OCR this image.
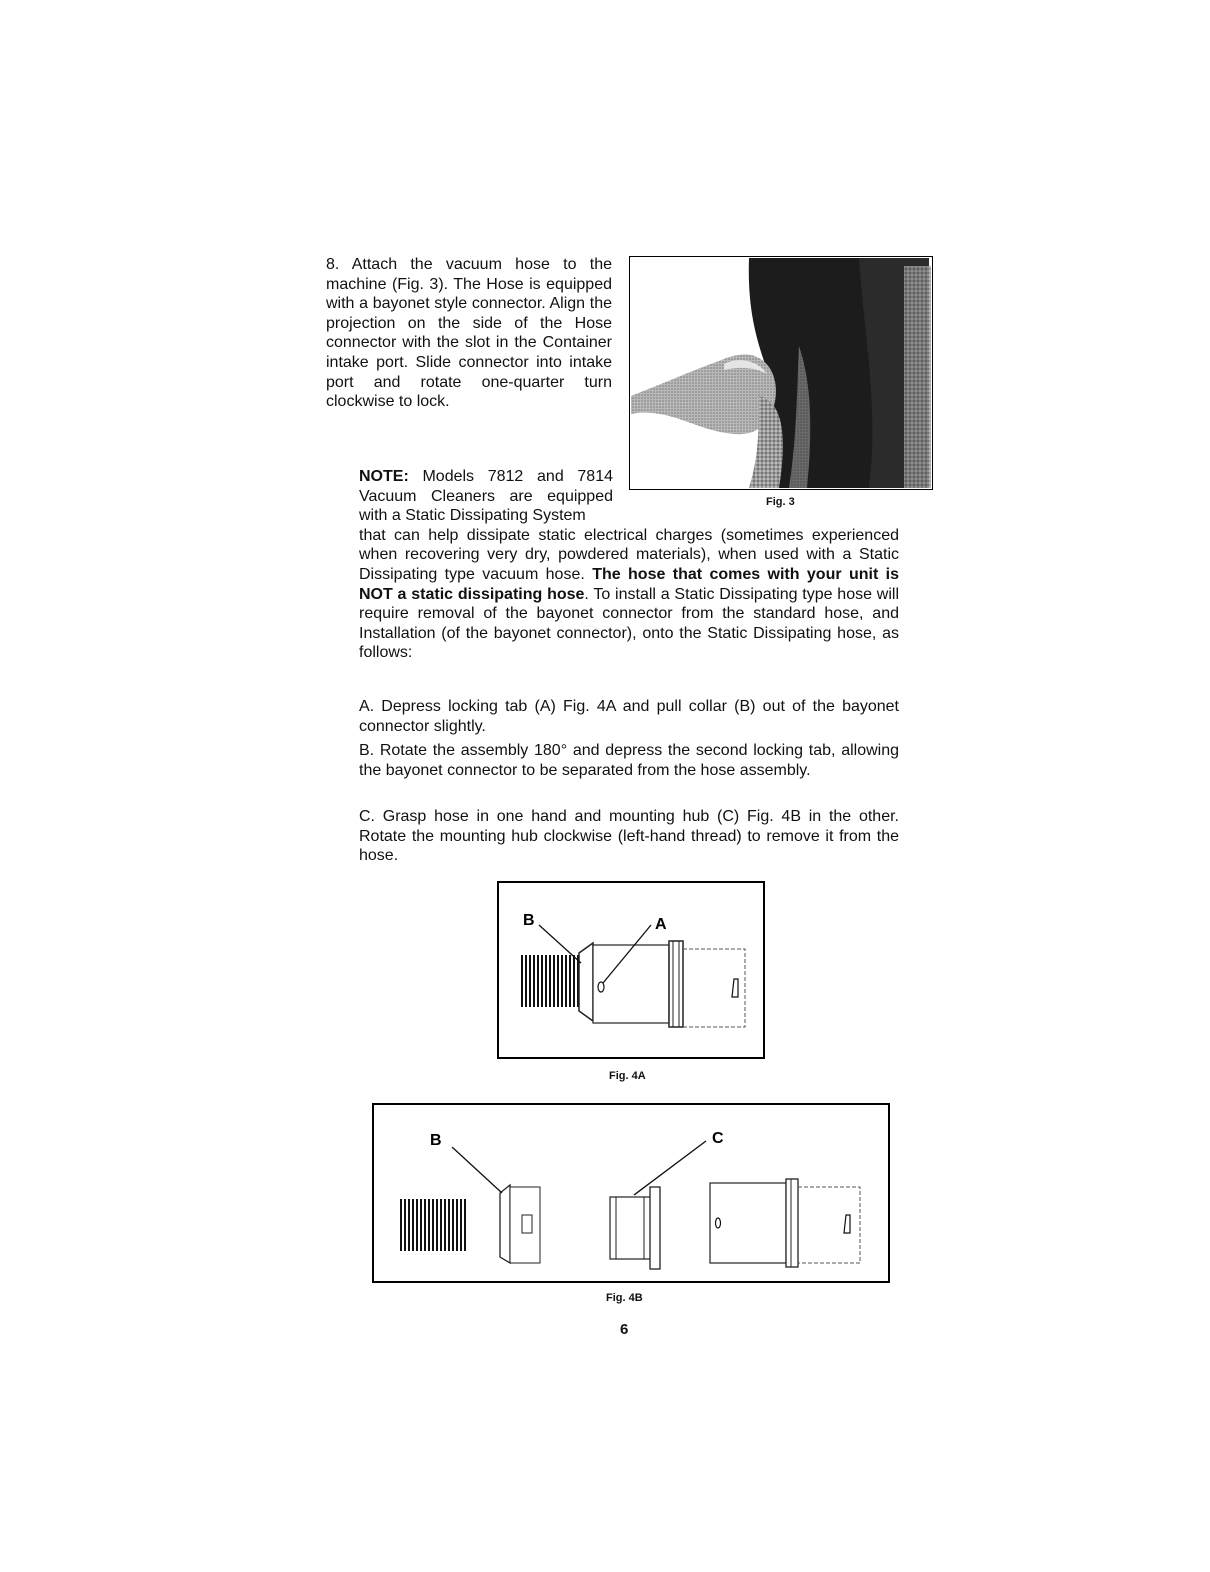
8. Attach the vacuum hose to the machine (Fig. 3). The Hose is equipped with a bayonet style connector. Align the projection on the side of the Hose connector with the slot in the Container intake port. Slide connector into intake port and rotate one-quarter turn clockwise to lock.

Fig. 3
NOTE: Models 7812 and 7814 Vacuum Cleaners are equipped with a Static Dissipating System
that can help dissipate static electrical charges (sometimes experienced when recovering very dry, powdered materials), when used with a Static Dissipating type vacuum hose. The hose that comes with your unit is NOT a static dissipating hose. To install a Static Dissipating type hose will require removal of the bayonet connector from the standard hose, and Installation (of the bayonet connector), onto the Static Dissipating hose, as follows:

A. Depress locking tab (A) Fig. 4A and pull collar (B) out of the bayonet connector slightly.

B. Rotate the assembly 180° and depress the second locking tab, allowing the bayonet connector to be separated from the hose assembly.

C. Grasp hose in one hand and mounting hub (C) Fig. 4B in the other. Rotate the mounting hub clockwise (left-hand thread) to remove it from the hose.

B	A
Fig. 4A
B	C
Fig. 4B
6
